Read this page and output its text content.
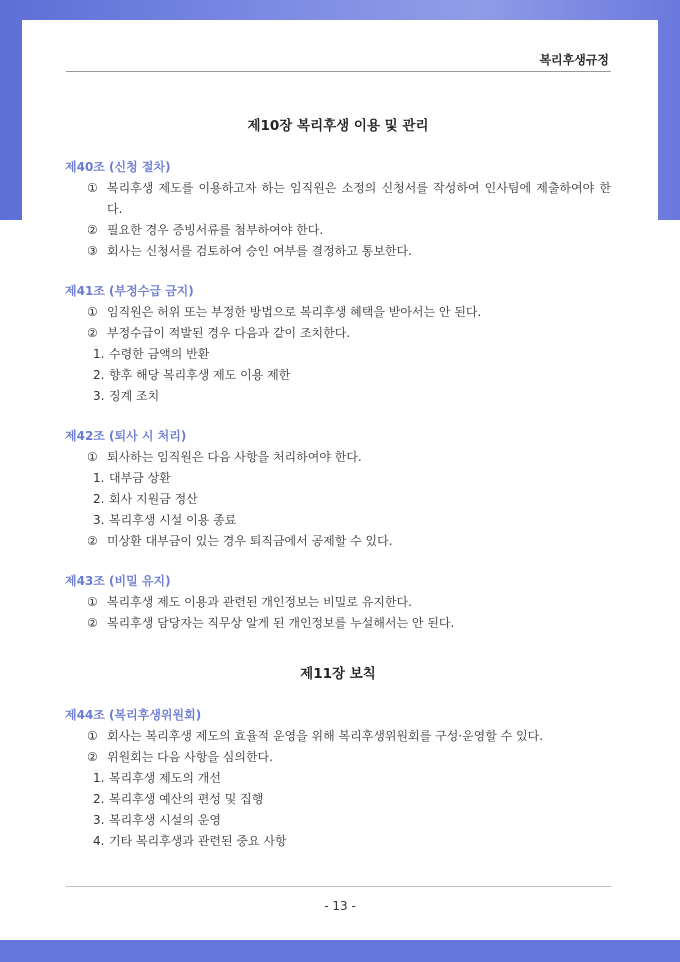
복리후생규정
제10장 복리후생 이용 및 관리
제40조 (신청 절차)
① 복리후생 제도를 이용하고자 하는 임직원은 소정의 신청서를 작성하여 인사팀에 제출하여야 한다.
② 필요한 경우 증빙서류를 첨부하여야 한다.
③ 회사는 신청서를 검토하여 승인 여부를 결정하고 통보한다.
제41조 (부정수급 금지)
① 임직원은 허위 또는 부정한 방법으로 복리후생 혜택을 받아서는 안 된다.
② 부정수급이 적발된 경우 다음과 같이 조치한다.
1. 수령한 금액의 반환
2. 향후 해당 복리후생 제도 이용 제한
3. 징계 조치
제42조 (퇴사 시 처리)
① 퇴사하는 임직원은 다음 사항을 처리하여야 한다.
1. 대부금 상환
2. 회사 지원금 정산
3. 복리후생 시설 이용 종료
② 미상환 대부금이 있는 경우 퇴직금에서 공제할 수 있다.
제43조 (비밀 유지)
① 복리후생 제도 이용과 관련된 개인정보는 비밀로 유지한다.
② 복리후생 담당자는 직무상 알게 된 개인정보를 누설해서는 안 된다.
제11장 보칙
제44조 (복리후생위원회)
① 회사는 복리후생 제도의 효율적 운영을 위해 복리후생위원회를 구성·운영할 수 있다.
② 위원회는 다음 사항을 심의한다.
1. 복리후생 제도의 개선
2. 복리후생 예산의 편성 및 집행
3. 복리후생 시설의 운영
4. 기타 복리후생과 관련된 중요 사항
- 13 -
